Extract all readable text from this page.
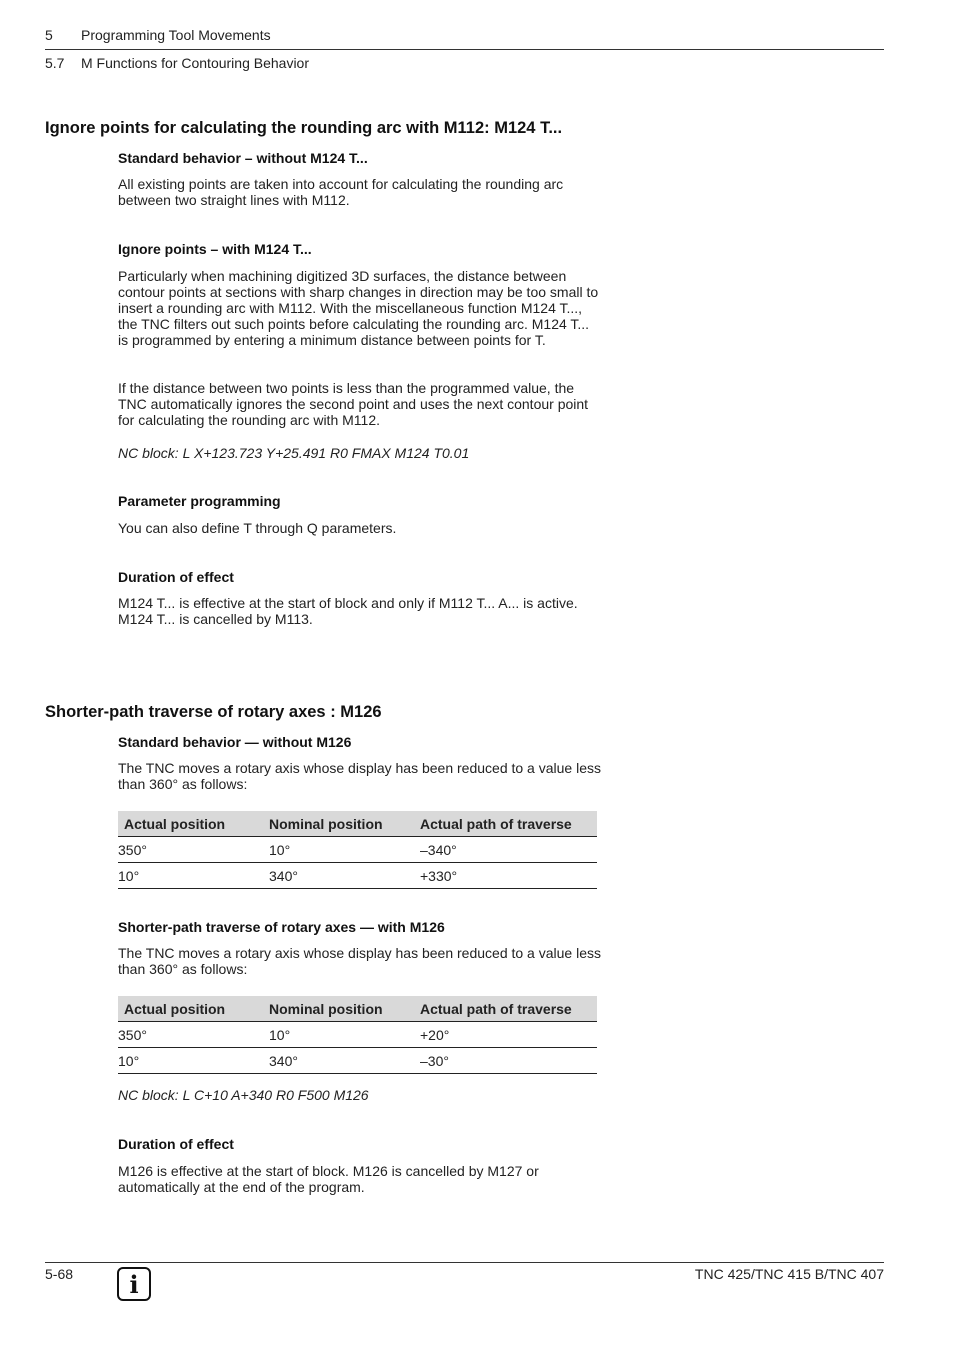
5 Programming Tool Movements
5.7 M Functions for Contouring Behavior
Ignore points for calculating the rounding arc with M112: M124 T...
Standard behavior – without M124 T...

All existing points are taken into account for calculating the rounding arc between two straight lines with M112.

Ignore points – with M124 T...

Particularly when machining digitized 3D surfaces, the distance between contour points at sections with sharp changes in direction may be too small to insert a rounding arc with M112. With the miscellaneous function M124 T..., the TNC filters out such points before calculating the rounding arc. M124 T... is programmed by entering a minimum distance between points for T.

If the distance between two points is less than the programmed value, the TNC automatically ignores the second point and uses the next contour point for calculating the rounding arc with M112.

NC block: L X+123.723 Y+25.491 R0 FMAX M124 T0.01

Parameter programming

You can also define T through Q parameters.

Duration of effect

M124 T... is effective at the start of block and only if M112 T... A... is active. M124 T... is cancelled by M113.

Shorter-path traverse of rotary axes : M126
Standard behavior — without M126

The TNC moves a rotary axis whose display has been reduced to a value less than 360° as follows:

Actual position	Nominal position	Actual path of traverse
350°	10°	–340°
10°	340°	+330°
Shorter-path traverse of rotary axes — with M126

The TNC moves a rotary axis whose display has been reduced to a value less than 360° as follows:

Actual position	Nominal position	Actual path of traverse
350°	10°	+20°
10°	340°	–30°

NC block: L C+10 A+340 R0 F500 M126

Duration of effect

M126 is effective at the start of block. M126 is cancelled by M127 or automatically at the end of the program.

5-68	TNC 425/TNC 415 B/TNC 407
i
